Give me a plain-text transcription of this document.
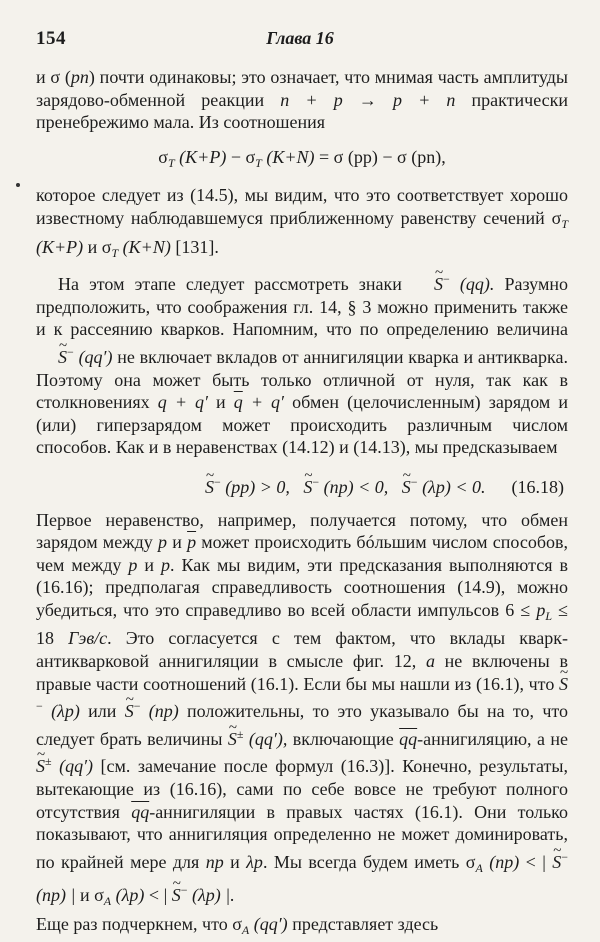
154	Глава 16

и σ (pn) почти одинаковы; это означает, что мнимая часть амплитуды зарядово-обменной реакции n + p → p + n практически пренебрежимо мала. Из соотношения

$\sigma_T$ $(K+P) - \sigma_T$ (K+N) = σ (pp) − σ (pn),

которое следует из (14.5), мы видим, что это соответствует хорошо известному наблюдавшемуся приближенному равенству сечений $\sigma_T$ (K+P) и $\sigma_T$ (K+N) [131].

На этом этапе следует рассмотреть знаки ~ S− (qq). Разумно предположить, что соображения гл. 14, § 3 можно применить также и к рассеянию кварков. Напомним, что по определению величина ~ S− (qq′) не включает вкладов от аннигиляции кварка и антикварка. Поэтому она может быть только отличной от нуля, так как в столкновениях q + q′ и $\overline{q} + q'$ обмен (целочисленным) зарядом и (или) гиперзарядом может происходить различным числом способов. Как и в неравенствах (14.12) и (14.13), мы предсказываем

~ S− (pp) > 0, ~ S− (np) < 0, ~ S− (λp) < 0. (16.18)

Первое неравенство, например, получается потому, что обмен зарядом между p и $\overline{p}$ может происходить бóльшим числом способов, чем между p и p. Как мы видим, эти предсказания выполняются в (16.16); предполагая справедливость соотношения (14.9), можно убедиться, что это справедливо во всей области импульсов $6 \le p_L \le 18$ Гэв/c. Это согласуется с тем фактом, что вклады кварк-антикварковой аннигиляции в смысле фиг. 12, а не включены в правые части соотношений (16.1). Если бы мы нашли из (16.1), что ~ S− (λp) или ~ S− (np) положительны, то это указывало бы на то, что следует брать величины ~ S± (qq′), включающие $\overline{qq}$-аннигиляцию, а не ~ S± (qq′) [см. замечание после формул (16.3)]. Конечно, результаты, вытекающие из (16.16), сами по себе вовсе не требуют полного отсутствия $\overline{qq}$-аннигиляции в правых частях (16.1). Они только показывают, что аннигиляция определенно не может доминировать, по крайней мере для np и λp. Мы всегда будем иметь $\sigma_A$ (np) < | ~ S− (np) | и $\sigma_A$ (λp) < | ~ S− (λp) |.

Еще раз подчеркнем, что $\sigma_A$ (qq′) представляет здесь
